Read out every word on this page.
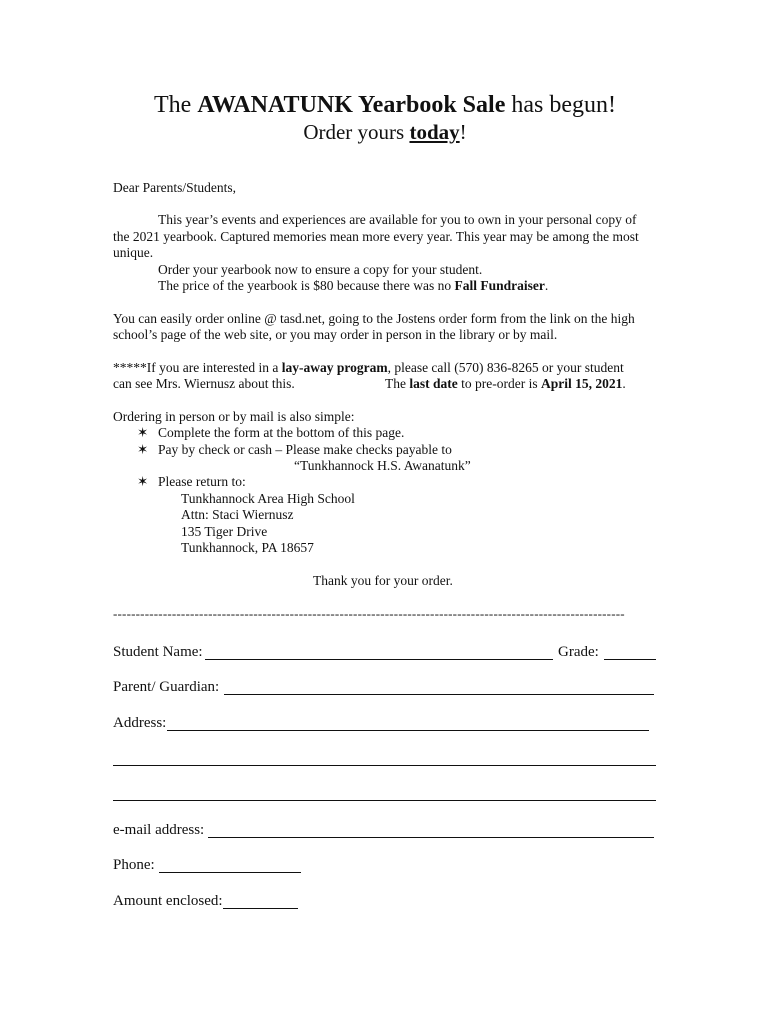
The AWANATUNK Yearbook Sale has begun!
Order yours today!
Dear Parents/Students,
This year’s events and experiences are available for you to own in your personal copy of
the 2021 yearbook. Captured memories mean more every year. This year may be among the most
unique.
Order your yearbook now to ensure a copy for your student.
The price of the yearbook is $80 because there was no Fall Fundraiser.
You can easily order online @ tasd.net, going to the Jostens order form from the link on the high
school’s page of the web site, or you may order in person in the library or by mail.
*****If you are interested in a lay-away program, please call (570) 836-8265 or your student
can see Mrs. Wiernusz about this.	The last date to pre-order is April 15, 2021.
Ordering in person or by mail is also simple:
✶ Complete the form at the bottom of this page.
✶ Pay by check or cash – Please make checks payable to
“Tunkhannock H.S. Awanatunk”
✶ Please return to:
Tunkhannock Area High School
Attn: Staci Wiernusz
135 Tiger Drive
Tunkhannock, PA 18657
Thank you for your order.
-----------------------------------------------------------------------------------------------------------------
Student Name:	Grade:
Parent/ Guardian:
Address:
e-mail address:
Phone:
Amount enclosed:
